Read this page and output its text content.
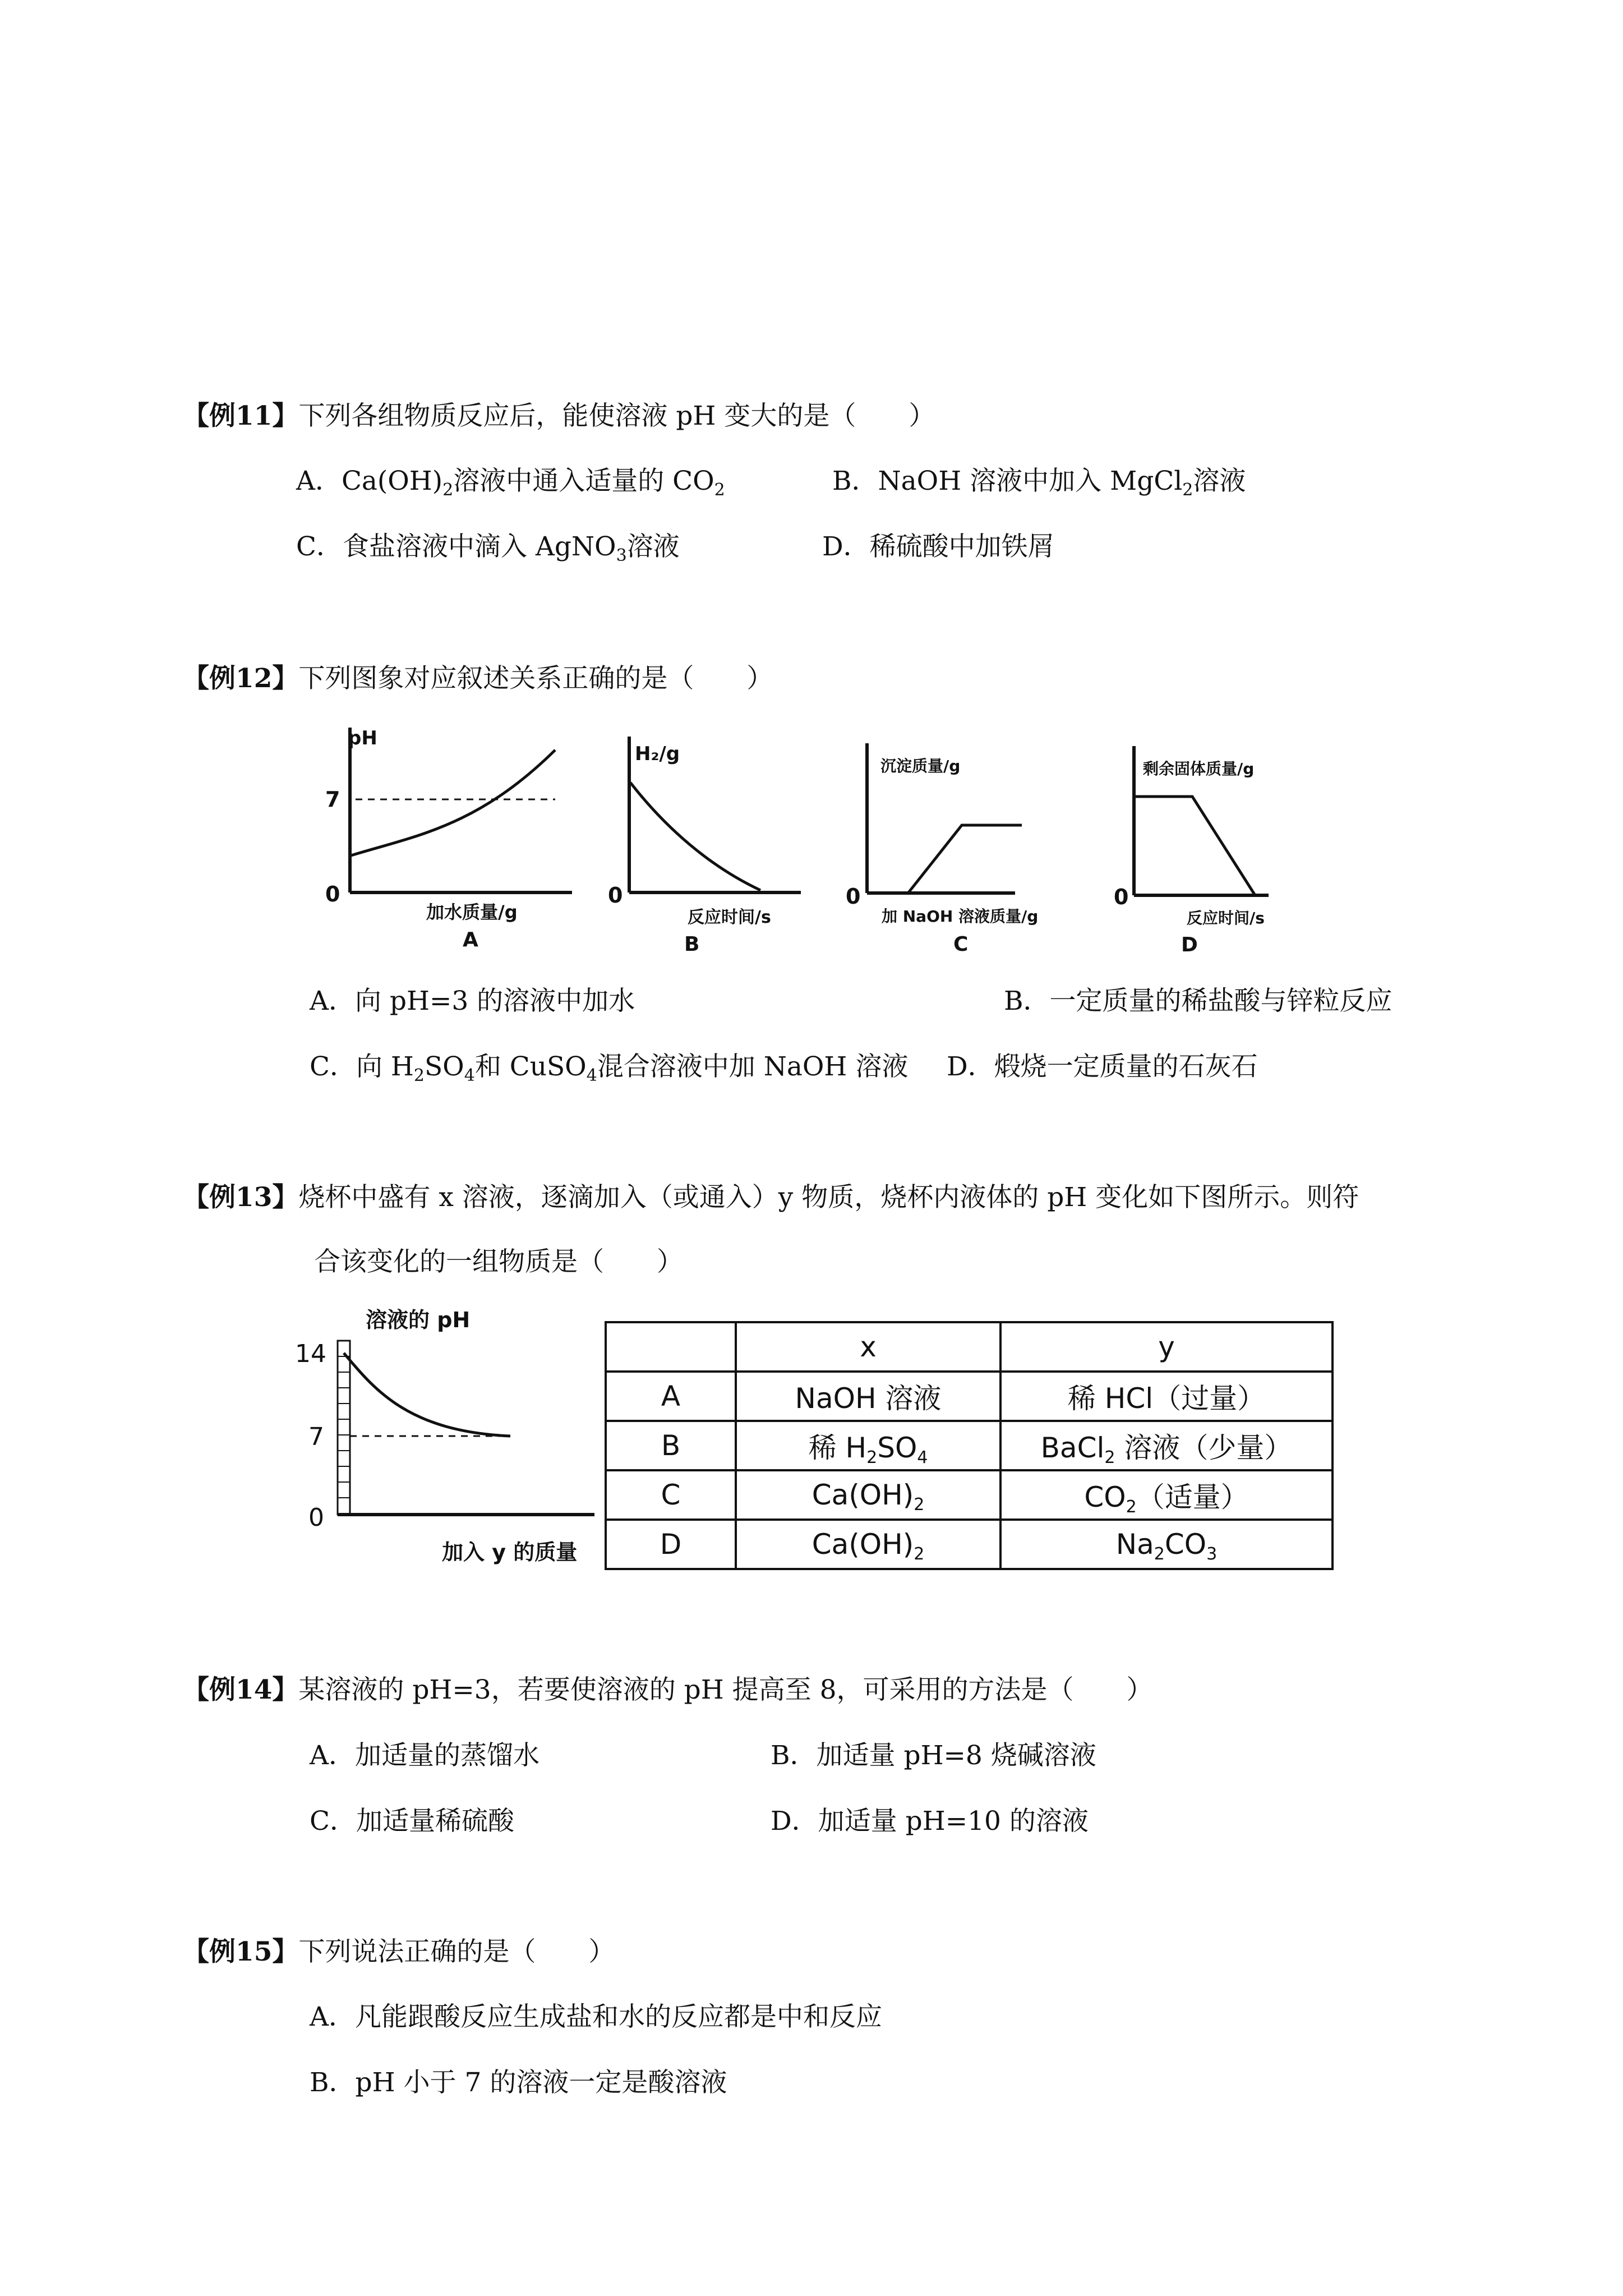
【例11】下列各组物质反应后，能使溶液 pH 变大的是（　　）
A．$Ca(OH)_2$溶液中通入适量的 $CO_2$	B．NaOH 溶液中加入 MgCl$_2$溶液
C．食盐溶液中滴入 AgNO$_3$溶液	D．稀硫酸中加铁屑
【例12】下列图象对应叙述关系正确的是（　　）
pH
7
0
加水质量/g
A
H₂/g
0
反应时间/s
B
沉淀质量/g
0
加 NaOH 溶液质量/g
C
剩余固体质量/g
0
反应时间/s
D
A．向 pH=3 的溶液中加水	B．一定质量的稀盐酸与锌粒反应
C．向 $H_2SO_4$和 CuSO$_4$混合溶液中加 NaOH 溶液 D．煅烧一定质量的石灰石
【例13】烧杯中盛有 x 溶液，逐滴加入（或通入）y 物质，烧杯内液体的 pH 变化如下图所示。则符
合该变化的一组物质是（　　）
溶液的 pH
14
7
0
加入 y 的质量
	x	y
A	NaOH 溶液	稀 HCl（过量）
B	稀 $H_2SO_4$	BaCl$_2$ 溶液（少量）
C	$Ca(OH)_2$	$CO_2$（适量）
D	$Ca(OH)_2$	$Na_2CO_3$
【例14】某溶液的 pH=3，若要使溶液的 pH 提高至 8，可采用的方法是（　　）
A．加适量的蒸馏水	B．加适量 pH=8 烧碱溶液
C．加适量稀硫酸	D．加适量 pH=10 的溶液
【例15】下列说法正确的是（　　）
A．凡能跟酸反应生成盐和水的反应都是中和反应
B．pH 小于 7 的溶液一定是酸溶液
